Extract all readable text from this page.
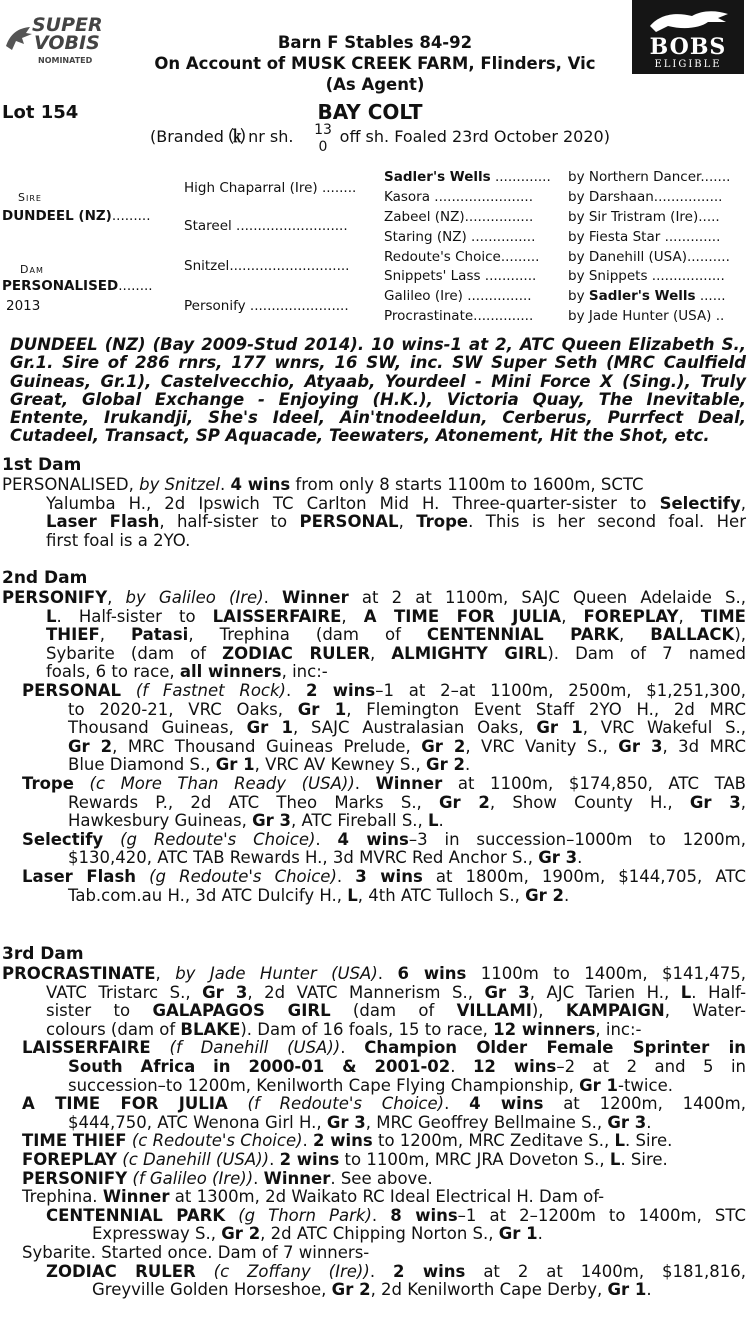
SUPER
VOBIS
NOMINATED
BOBS
ELIGIBLE
Barn F Stables 84-92
On Account of MUSK CREEK FARM, Flinders, Vic
(As Agent)
Lot 154	BAY COLT
(Branded ⒦ nr sh.	off sh. Foaled 23rd October 2020)
13
0
Sire
DUNDEEL (NZ).........
Dam
PERSONALISED........
2013
High Chaparral (Ire) ........
Stareel ..........................
Snitzel............................
Personify .......................
Sadler's Wells .............
Kasora .......................
Zabeel (NZ)................
Staring (NZ) ...............
Redoute's Choice.........
Snippets' Lass ............
Galileo (Ire) ...............
Procrastinate..............
by Northern Dancer.......
by Darshaan................
by Sir Tristram (Ire).....
by Fiesta Star .............
by Danehill (USA)..........
by Snippets .................
by Sadler's Wells ......
by Jade Hunter (USA) ..
DUNDEEL (NZ) (Bay 2009-Stud 2014). 10 wins-1 at 2, ATC Queen Elizabeth S.,
Gr.1. Sire of 286 rnrs, 177 wnrs, 16 SW, inc. SW Super Seth (MRC Caulfield
Guineas, Gr.1), Castelvecchio, Atyaab, Yourdeel - Mini Force X (Sing.), Truly
Great, Global Exchange - Enjoying (H.K.), Victoria Quay, The Inevitable,
Entente, Irukandji, She's Ideel, Ain'tnodeeldun, Cerberus, Purrfect Deal,
Cutadeel, Transact, SP Aquacade, Teewaters, Atonement, Hit the Shot, etc.
1st Dam
PERSONALISED, by Snitzel. 4 wins from only 8 starts 1100m to 1600m, SCTC
Yalumba H., 2d Ipswich TC Carlton Mid H. Three-quarter-sister to Selectify,
Laser Flash, half-sister to PERSONAL, Trope. This is her second foal. Her
first foal is a 2YO.
2nd Dam
PERSONIFY, by Galileo (Ire). Winner at 2 at 1100m, SAJC Queen Adelaide S.,
L. Half-sister to LAISSERFAIRE, A TIME FOR JULIA, FOREPLAY, TIME
THIEF, Patasi, Trephina (dam of CENTENNIAL PARK, BALLACK),
Sybarite (dam of ZODIAC RULER, ALMIGHTY GIRL). Dam of 7 named
foals, 6 to race, all winners, inc:-
PERSONAL (f Fastnet Rock). 2 wins–1 at 2–at 1100m, 2500m, $1,251,300,
to 2020-21, VRC Oaks, Gr 1, Flemington Event Staff 2YO H., 2d MRC
Thousand Guineas, Gr 1, SAJC Australasian Oaks, Gr 1, VRC Wakeful S.,
Gr 2, MRC Thousand Guineas Prelude, Gr 2, VRC Vanity S., Gr 3, 3d MRC
Blue Diamond S., Gr 1, VRC AV Kewney S., Gr 2.
Trope (c More Than Ready (USA)). Winner at 1100m, $174,850, ATC TAB
Rewards P., 2d ATC Theo Marks S., Gr 2, Show County H., Gr 3,
Hawkesbury Guineas, Gr 3, ATC Fireball S., L.
Selectify (g Redoute's Choice). 4 wins–3 in succession–1000m to 1200m,
$130,420, ATC TAB Rewards H., 3d MVRC Red Anchor S., Gr 3.
Laser Flash (g Redoute's Choice). 3 wins at 1800m, 1900m, $144,705, ATC
Tab.com.au H., 3d ATC Dulcify H., L, 4th ATC Tulloch S., Gr 2.
3rd Dam
PROCRASTINATE, by Jade Hunter (USA). 6 wins 1100m to 1400m, $141,475,
VATC Tristarc S., Gr 3, 2d VATC Mannerism S., Gr 3, AJC Tarien H., L. Half-
sister to GALAPAGOS GIRL (dam of VILLAMI), KAMPAIGN, Water-
colours (dam of BLAKE). Dam of 16 foals, 15 to race, 12 winners, inc:-
LAISSERFAIRE (f Danehill (USA)). Champion Older Female Sprinter in
South Africa in 2000-01 & 2001-02. 12 wins–2 at 2 and 5 in
succession–to 1200m, Kenilworth Cape Flying Championship, Gr 1-twice.
A TIME FOR JULIA (f Redoute's Choice). 4 wins at 1200m, 1400m,
$444,750, ATC Wenona Girl H., Gr 3, MRC Geoffrey Bellmaine S., Gr 3.
TIME THIEF (c Redoute's Choice). 2 wins to 1200m, MRC Zeditave S., L. Sire.
FOREPLAY (c Danehill (USA)). 2 wins to 1100m, MRC JRA Doveton S., L. Sire.
PERSONIFY (f Galileo (Ire)). Winner. See above.
Trephina. Winner at 1300m, 2d Waikato RC Ideal Electrical H. Dam of-
CENTENNIAL PARK (g Thorn Park). 8 wins–1 at 2–1200m to 1400m, STC
Expressway S., Gr 2, 2d ATC Chipping Norton S., Gr 1.
Sybarite. Started once. Dam of 7 winners-
ZODIAC RULER (c Zoffany (Ire)). 2 wins at 2 at 1400m, $181,816,
Greyville Golden Horseshoe, Gr 2, 2d Kenilworth Cape Derby, Gr 1.
